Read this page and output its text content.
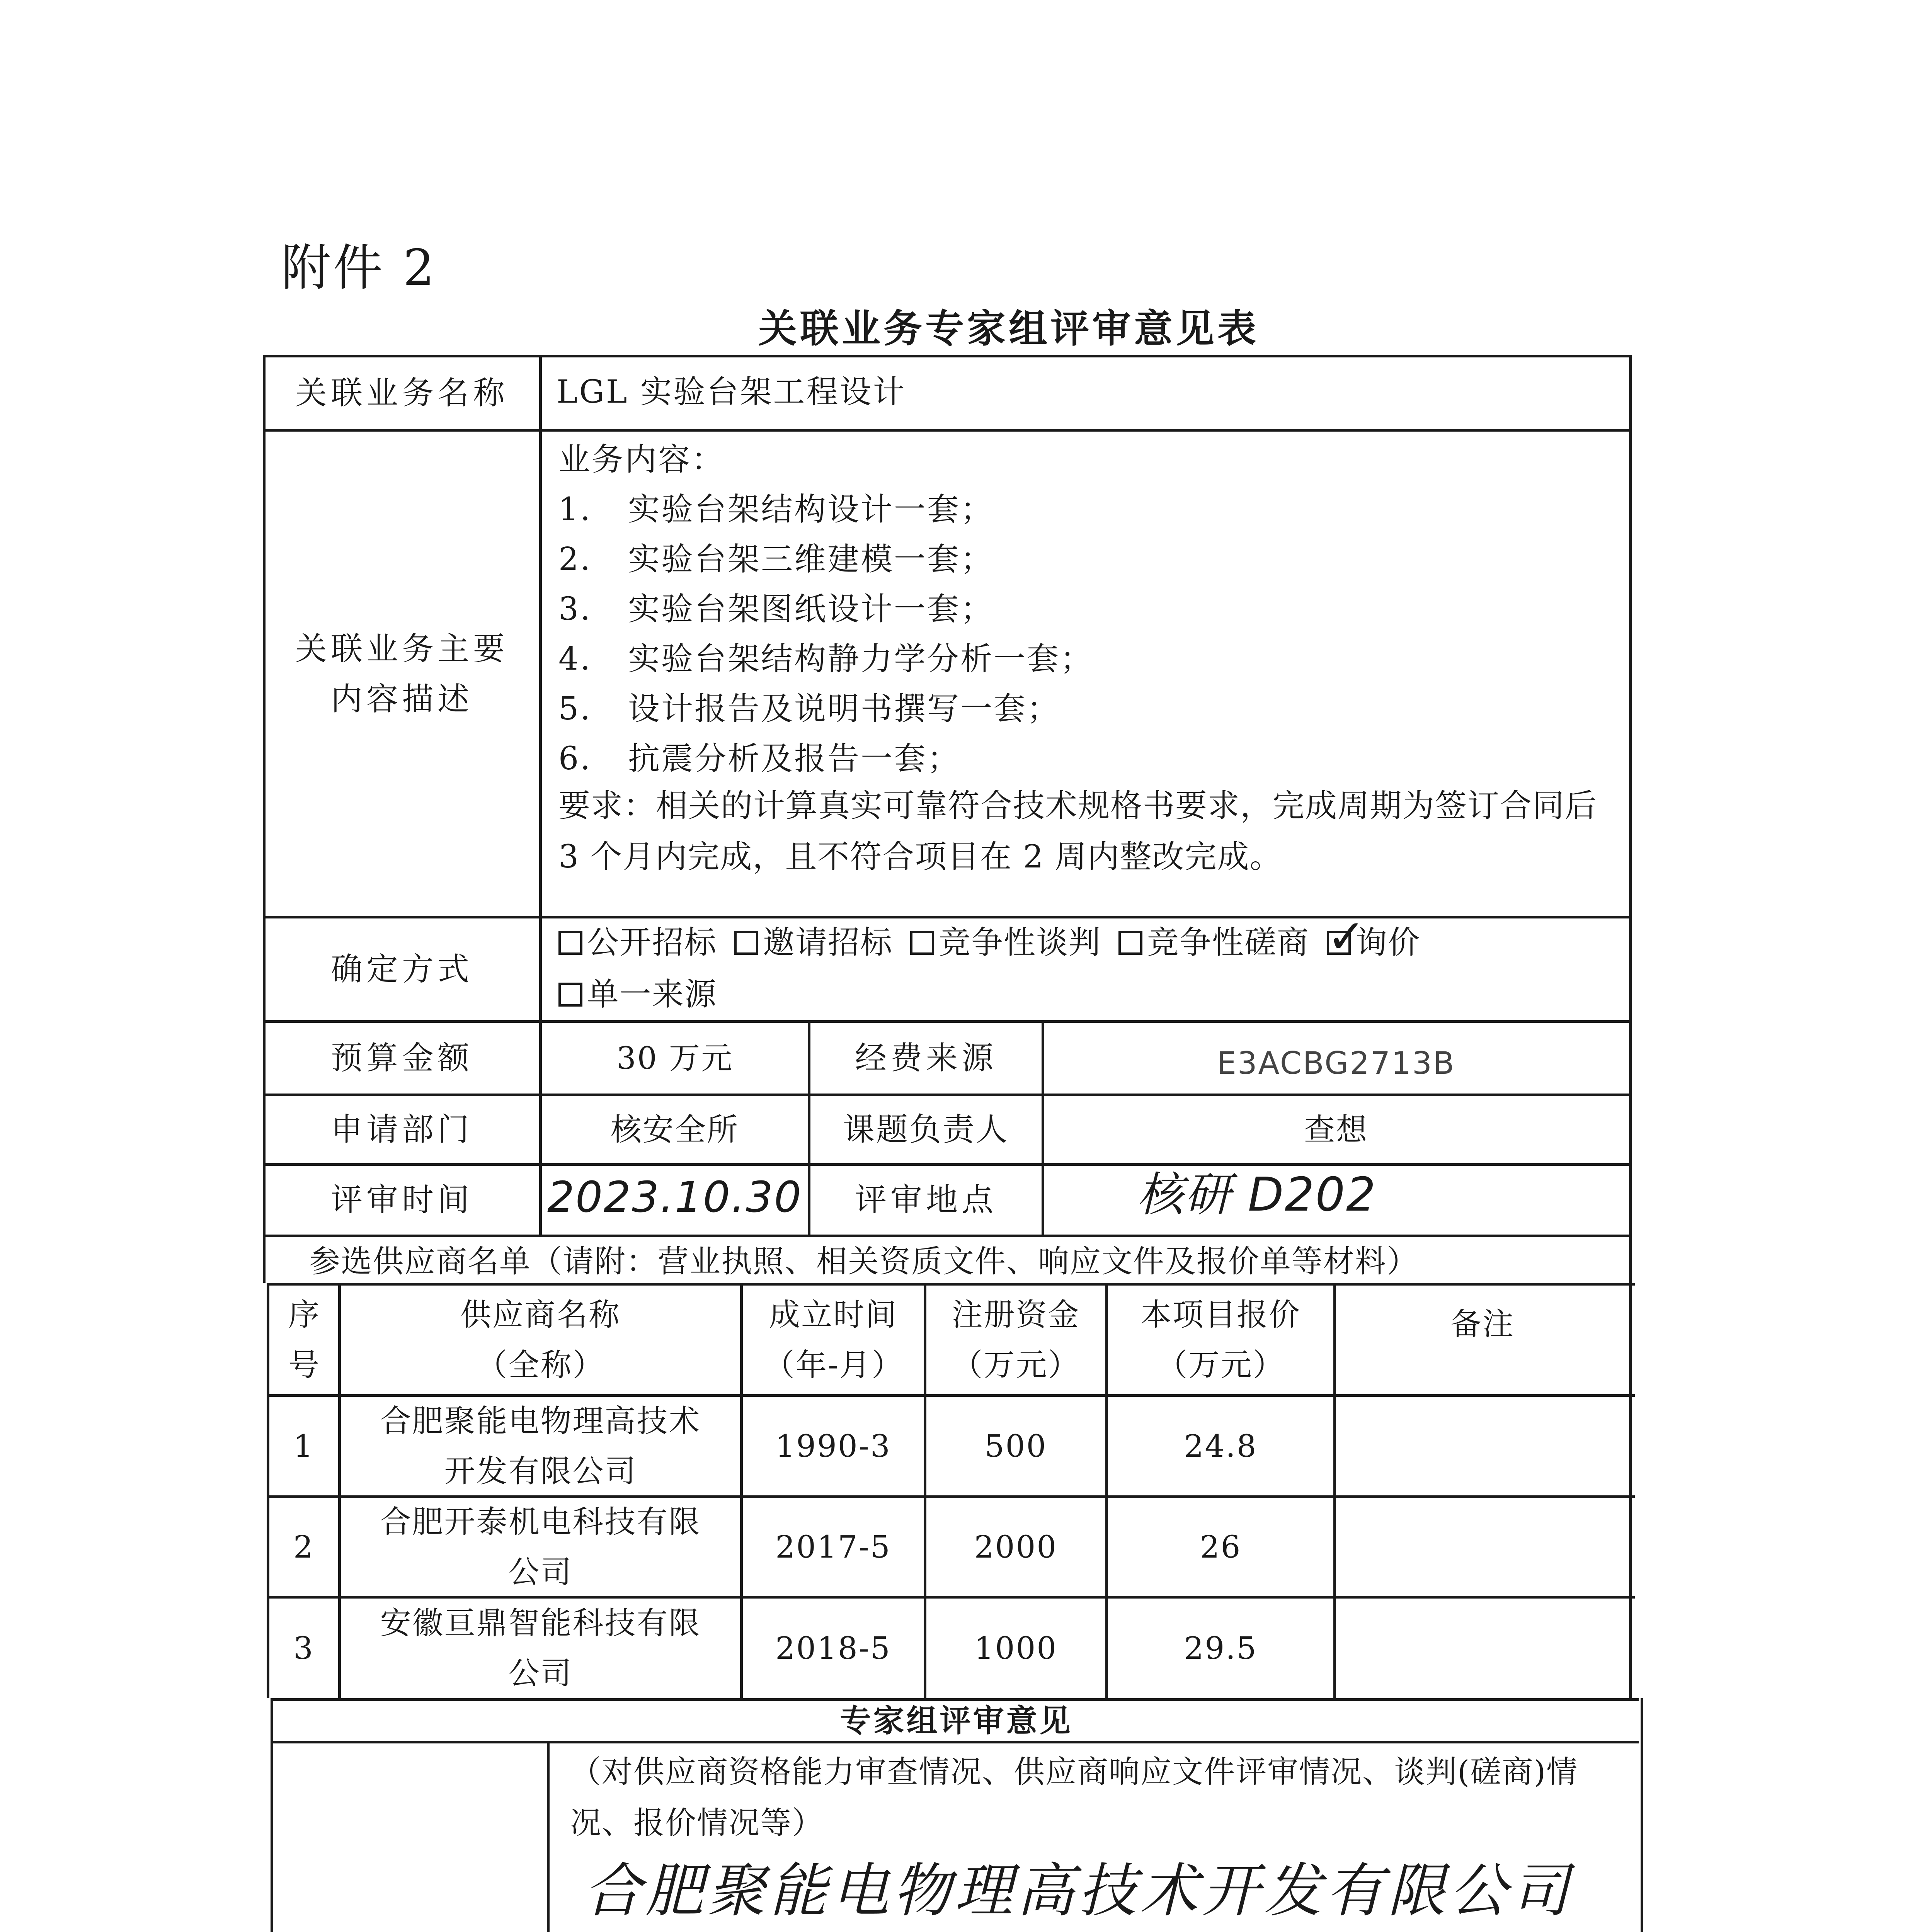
附件 2
关联业务专家组评审意见表
关联业务名称	LGL 实验台架工程设计
关联业务主要内容描述
业务内容：
1.	实验台架结构设计一套；
2.	实验台架三维建模一套；
3.	实验台架图纸设计一套；
4.	实验台架结构静力学分析一套；
5.	设计报告及说明书撰写一套；
6.	抗震分析及报告一套；
要求：相关的计算真实可靠符合技术规格书要求，完成周期为签订合同后 3 个月内完成，且不符合项目在 2 周内整改完成。
确定方式
公开招标 邀请招标 竞争性谈判 竞争性磋商
✓ 询价

单一来源
预算金额	30 万元	经费来源	E3ACBG2713B
申请部门	核安全所	课题负责人	查想
评审时间	2023.10.30	评审地点	核研 D202
参选供应商名单（请附：营业执照、相关资质文件、响应文件及报价单等材料）
序号
供应商名称（全称）
成立时间（年-月）
注册资金（万元）
本项目报价（万元）
备注
1
合肥聚能电物理高技术开发有限公司
1990-3	500	24.8
2
合肥开泰机电科技有限公司
2017-5	2000	26
3
安徽亘鼎智能科技有限公司
2018-5	1000	29.5
专家组评审意见
（对供应商资格能力审查情况、供应商响应文件评审情况、谈判(磋商)情况、报价情况等）
合肥聚能电物理高技术开发有限公司
